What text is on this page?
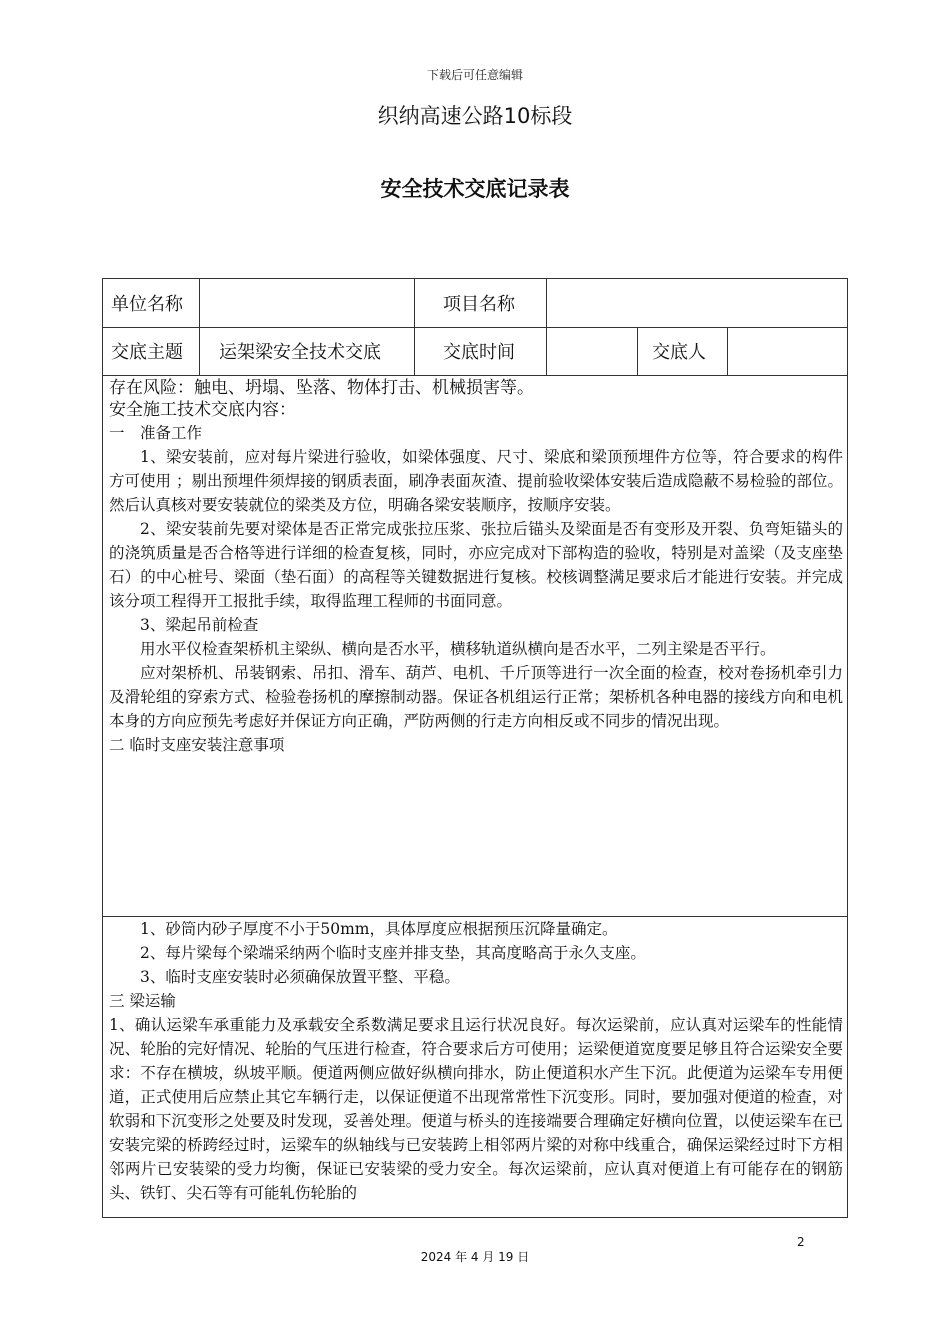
下载后可任意编辑
织纳高速公路10标段
安全技术交底记录表
单位名称	项目名称
交底主题 运架梁安全技术交底	交底时间	交底人

存在风险：触电、坍塌、坠落、物体打击、机械损害等。

安全施工技术交底内容：

一　准备工作

1、梁安装前，应对每片梁进行验收，如梁体强度、尺寸、梁底和梁顶预埋件方位等，符合要求的构件方可使用 ；剔出预埋件须焊接的钢质表面，刷净表面灰渣、提前验收梁体安装后造成隐蔽不易检验的部位。然后认真核对要安装就位的梁类及方位，明确各梁安装顺序，按顺序安装。

2、梁安装前先要对梁体是否正常完成张拉压浆、张拉后锚头及梁面是否有变形及开裂、负弯矩锚头的的浇筑质量是否合格等进行详细的检查复核，同时，亦应完成对下部构造的验收，特别是对盖梁（及支座垫石）的中心桩号、梁面（垫石面）的高程等关键数据进行复核。校核调整满足要求后才能进行安装。并完成该分项工程得开工报批手续，取得监理工程师的书面同意。

3、梁起吊前检查

用水平仪检查架桥机主梁纵、横向是否水平，横移轨道纵横向是否水平，二列主梁是否平行。

应对架桥机、吊装钢索、吊扣、滑车、葫芦、电机、千斤顶等进行一次全面的检查，校对卷扬机牵引力及滑轮组的穿索方式、检验卷扬机的摩擦制动器。保证各机组运行正常；架桥机各种电器的接线方向和电机本身的方向应预先考虑好并保证方向正确，严防两侧的行走方向相反或不同步的情况出现。

二 临时支座安装注意事项

1、砂筒内砂子厚度不小于50mm，具体厚度应根据预压沉降量确定。

2、每片梁每个梁端采纳两个临时支座并排支垫，其高度略高于永久支座。

3、临时支座安装时必须确保放置平整、平稳。

三 梁运输

1、确认运梁车承重能力及承载安全系数满足要求且运行状况良好。每次运梁前，应认真对运梁车的性能情况、轮胎的完好情况、轮胎的气压进行检查，符合要求后方可使用；运梁便道宽度要足够且符合运梁安全要求：不存在横坡，纵坡平顺。便道两侧应做好纵横向排水，防止便道积水产生下沉。此便道为运梁车专用便道，正式使用后应禁止其它车辆行走，以保证便道不出现常常性下沉变形。同时，要加强对便道的检查，对软弱和下沉变形之处要及时发现，妥善处理。便道与桥头的连接端要合理确定好横向位置，以使运梁车在已安装完梁的桥跨经过时，运梁车的纵轴线与已安装跨上相邻两片梁的对称中线重合，确保运梁经过时下方相邻两片已安装梁的受力均衡，保证已安装梁的受力安全。每次运梁前，应认真对便道上有可能存在的钢筋头、铁钉、尖石等有可能轧伤轮胎的

2
2024 年 4 月 19 日
